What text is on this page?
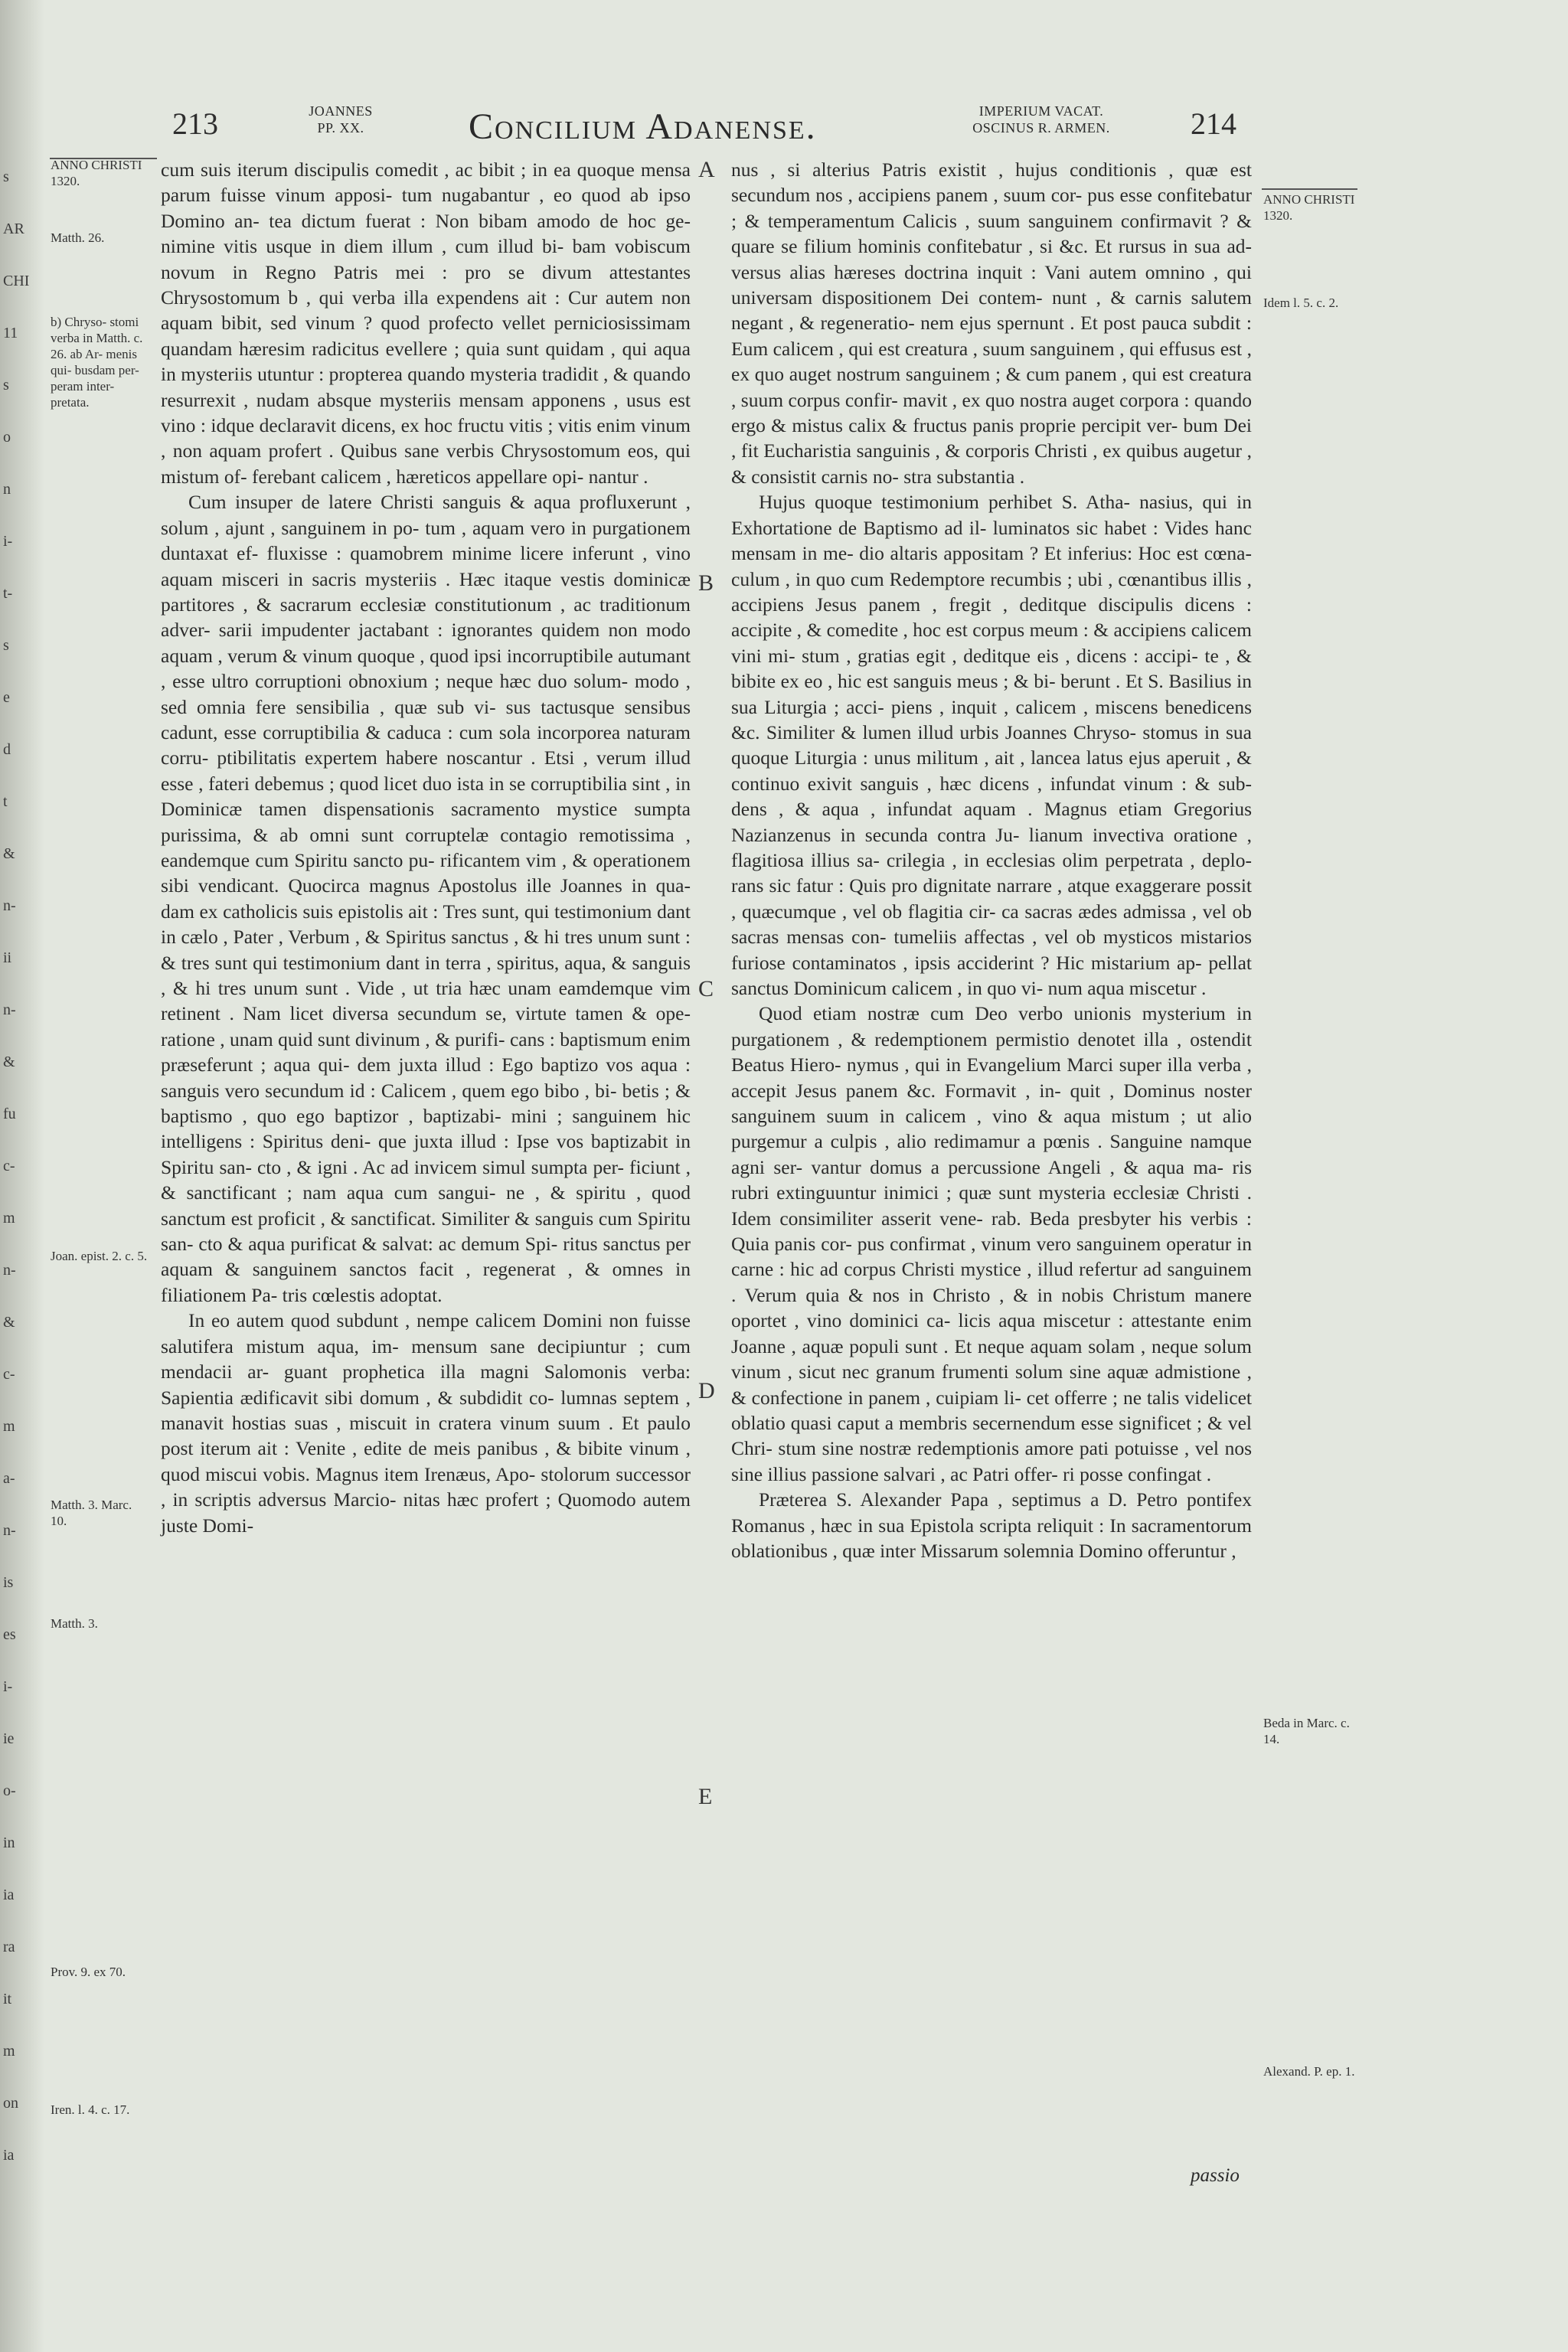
s
AR
CHI
11
s
o
n
i-
t-
s
e
d
t
&
n-
ii
n-
&
fu
c-
m
n-
&
c-
m
a-
n-
is
es
i-
ie
o-
in
ia
ra
it
m
on
ia
213	JOANNES
PP. XX.	Concilium Adanense.	IMPERIUM VACAT.
OSCINUS R. ARMEN.	214
ANNO CHRISTI 1320.
Matth. 26.
b) Chryso- stomi verba in Matth. c. 26. ab Ar- menis qui- busdam per- peram inter- pretata.
Joan. epist. 2. c. 5.
Matth. 3. Marc. 10.
Matth. 3.
Prov. 9. ex 70.
Iren. l. 4. c. 17.
ANNO CHRISTI 1320.
Idem l. 5. c. 2.
Beda in Marc. c. 14.
Alexand. P. ep. 1.
A
B
C
D
E

cum suis iterum discipulis comedit , ac bibit ; in ea quoque mensa parum fuisse vinum apposi- tum nugabantur , eo quod ab ipso Domino an- tea dictum fuerat : Non bibam amodo de hoc ge- nimine vitis usque in diem illum , cum illud bi- bam vobiscum novum in Regno Patris mei : pro se divum attestantes Chrysostomum b , qui verba illa expendens ait : Cur autem non aquam bibit, sed vinum ? quod profecto vellet perniciosissimam quandam hæresim radicitus evellere ; quia sunt quidam , qui aqua in mysteriis utuntur : propterea quando mysteria tradidit , & quando resurrexit , nudam absque mysteriis mensam apponens , usus est vino : idque declaravit dicens, ex hoc fructu vitis ; vitis enim vinum , non aquam profert . Quibus sane verbis Chrysostomum eos, qui mistum of- ferebant calicem , hæreticos appellare opi- nantur .

Cum insuper de latere Christi sanguis & aqua profluxerunt , solum , ajunt , sanguinem in po- tum , aquam vero in purgationem duntaxat ef- fluxisse : quamobrem minime licere inferunt , vino aquam misceri in sacris mysteriis . Hæc itaque vestis dominicæ partitores , & sacrarum ecclesiæ constitutionum , ac traditionum adver- sarii impudenter jactabant : ignorantes quidem non modo aquam , verum & vinum quoque , quod ipsi incorruptibile autumant , esse ultro corruptioni obnoxium ; neque hæc duo solum- modo , sed omnia fere sensibilia , quæ sub vi- sus tactusque sensibus cadunt, esse corruptibilia & caduca : cum sola incorporea naturam corru- ptibilitatis expertem habere noscantur . Etsi , verum illud esse , fateri debemus ; quod licet duo ista in se corruptibilia sint , in Dominicæ tamen dispensationis sacramento mystice sumpta purissima, & ab omni sunt corruptelæ contagio remotissima , eandemque cum Spiritu sancto pu- rificantem vim , & operationem sibi vendicant. Quocirca magnus Apostolus ille Joannes in qua- dam ex catholicis suis epistolis ait : Tres sunt, qui testimonium dant in cælo , Pater , Verbum , & Spiritus sanctus , & hi tres unum sunt : & tres sunt qui testimonium dant in terra , spiritus, aqua, & sanguis , & hi tres unum sunt . Vide , ut tria hæc unam eamdemque vim retinent . Nam licet diversa secundum se, virtute tamen & ope- ratione , unam quid sunt divinum , & purifi- cans : baptismum enim præseferunt ; aqua qui- dem juxta illud : Ego baptizo vos aqua : sanguis vero secundum id : Calicem , quem ego bibo , bi- betis ; & baptismo , quo ego baptizor , baptizabi- mini ; sanguinem hic intelligens : Spiritus deni- que juxta illud : Ipse vos baptizabit in Spiritu san- cto , & igni . Ac ad invicem simul sumpta per- ficiunt , & sanctificant ; nam aqua cum sangui- ne , & spiritu , quod sanctum est proficit , & sanctificat. Similiter & sanguis cum Spiritu san- cto & aqua purificat & salvat: ac demum Spi- ritus sanctus per aquam & sanguinem sanctos facit , regenerat , & omnes in filiationem Pa- tris cœlestis adoptat.

In eo autem quod subdunt , nempe calicem Domini non fuisse salutifera mistum aqua, im- mensum sane decipiuntur ; cum mendacii ar- guant prophetica illa magni Salomonis verba: Sapientia ædificavit sibi domum , & subdidit co- lumnas septem , manavit hostias suas , miscuit in cratera vinum suum . Et paulo post iterum ait : Venite , edite de meis panibus , & bibite vinum , quod miscui vobis. Magnus item Irenæus, Apo- stolorum successor , in scriptis adversus Marcio- nitas hæc profert ; Quomodo autem juste Domi-

nus , si alterius Patris existit , hujus conditionis , quæ est secundum nos , accipiens panem , suum cor- pus esse confitebatur ; & temperamentum Calicis , suum sanguinem confirmavit ? & quare se filium hominis confitebatur , si &c. Et rursus in sua ad- versus alias hæreses doctrina inquit : Vani autem omnino , qui universam dispositionem Dei contem- nunt , & carnis salutem negant , & regeneratio- nem ejus spernunt . Et post pauca subdit : Eum calicem , qui est creatura , suum sanguinem , qui effusus est , ex quo auget nostrum sanguinem ; & cum panem , qui est creatura , suum corpus confir- mavit , ex quo nostra auget corpora : quando ergo & mistus calix & fructus panis proprie percipit ver- bum Dei , fit Eucharistia sanguinis , & corporis Christi , ex quibus augetur , & consistit carnis no- stra substantia .

Hujus quoque testimonium perhibet S. Atha- nasius, qui in Exhortatione de Baptismo ad il- luminatos sic habet : Vides hanc mensam in me- dio altaris appositam ? Et inferius: Hoc est cœna- culum , in quo cum Redemptore recumbis ; ubi , cœnantibus illis , accipiens Jesus panem , fregit , deditque discipulis dicens : accipite , & comedite , hoc est corpus meum : & accipiens calicem vini mi- stum , gratias egit , deditque eis , dicens : accipi- te , & bibite ex eo , hic est sanguis meus ; & bi- berunt . Et S. Basilius in sua Liturgia ; acci- piens , inquit , calicem , miscens benedicens &c. Similiter & lumen illud urbis Joannes Chryso- stomus in sua quoque Liturgia : unus militum , ait , lancea latus ejus aperuit , & continuo exivit sanguis , hæc dicens , infundat vinum : & sub- dens , & aqua , infundat aquam . Magnus etiam Gregorius Nazianzenus in secunda contra Ju- lianum invectiva oratione , flagitiosa illius sa- crilegia , in ecclesias olim perpetrata , deplo- rans sic fatur : Quis pro dignitate narrare , atque exaggerare possit , quæcumque , vel ob flagitia cir- ca sacras ædes admissa , vel ob sacras mensas con- tumeliis affectas , vel ob mysticos mistarios furiose contaminatos , ipsis acciderint ? Hic mistarium ap- pellat sanctus Dominicum calicem , in quo vi- num aqua miscetur .

Quod etiam nostræ cum Deo verbo unionis mysterium in purgationem , & redemptionem permistio denotet illa , ostendit Beatus Hiero- nymus , qui in Evangelium Marci super illa verba , accepit Jesus panem &c. Formavit , in- quit , Dominus noster sanguinem suum in calicem , vino & aqua mistum ; ut alio purgemur a culpis , alio redimamur a pœnis . Sanguine namque agni ser- vantur domus a percussione Angeli , & aqua ma- ris rubri extinguuntur inimici ; quæ sunt mysteria ecclesiæ Christi . Idem consimiliter asserit vene- rab. Beda presbyter his verbis : Quia panis cor- pus confirmat , vinum vero sanguinem operatur in carne : hic ad corpus Christi mystice , illud refertur ad sanguinem . Verum quia & nos in Christo , & in nobis Christum manere oportet , vino dominici ca- licis aqua miscetur : attestante enim Joanne , aquæ populi sunt . Et neque aquam solam , neque solum vinum , sicut nec granum frumenti solum sine aquæ admistione , & confectione in panem , cuipiam li- cet offerre ; ne talis videlicet oblatio quasi caput a membris secernendum esse significet ; & vel Chri- stum sine nostræ redemptionis amore pati potuisse , vel nos sine illius passione salvari , ac Patri offer- ri posse confingat .

Præterea S. Alexander Papa , septimus a D. Petro pontifex Romanus , hæc in sua Epistola scripta reliquit : In sacramentorum oblationibus , quæ inter Missarum solemnia Domino offeruntur ,

passio
